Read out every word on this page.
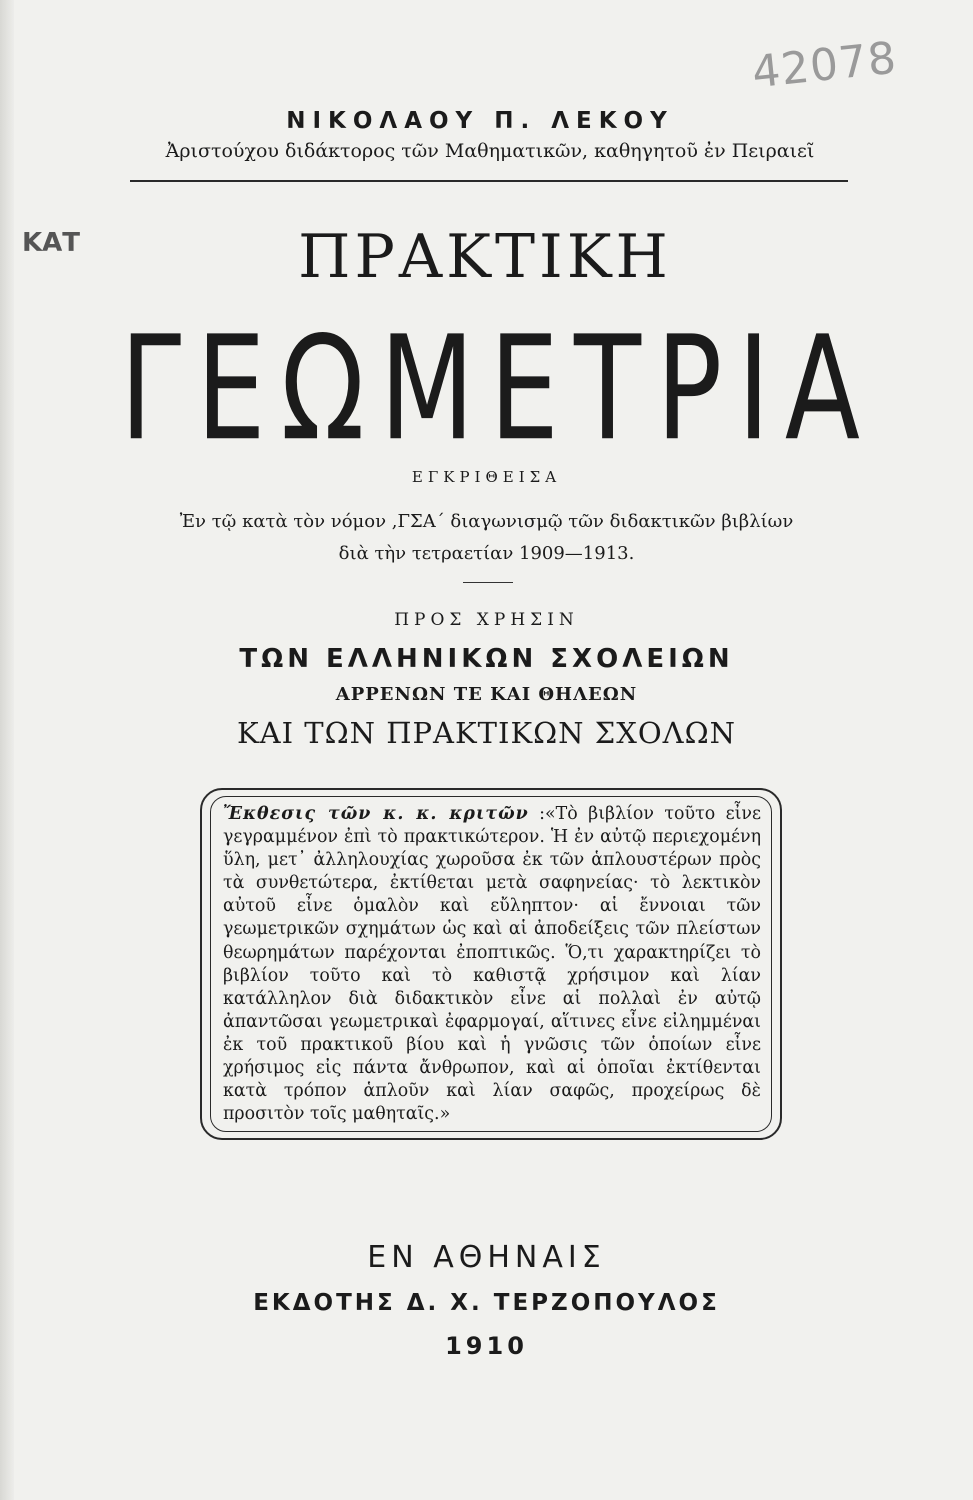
ΚΑΤ
42078
ΝΙΚΟΛΑΟΥ Π. ΛΕΚΟΥ
Ἀριστούχου διδάκτορος τῶν Μαθηματικῶν, καθηγητοῦ ἐν Πειραιεῖ
ΠΡΑΚΤΙΚΗ
Γ Ε Ω Μ Ε Τ Ρ Ι Α
ΕΓΚΡΙΘΕΙΣΑ
Ἐν τῷ κατὰ τὸν νόμον ,ΓΣΑ΄ διαγωνισμῷ τῶν διδακτικῶν βιβλίων
διὰ τὴν τετραετίαν 1909—1913.
ΠΡΟΣ ΧΡΗΣΙΝ
ΤΩΝ ΕΛΛΗΝΙΚΩΝ ΣΧΟΛΕΙΩΝ
ΑΡΡΕΝΩΝ ΤΕ ΚΑΙ ΘΗΛΕΩΝ
ΚΑΙ ΤΩΝ ΠΡΑΚΤΙΚΩΝ ΣΧΟΛΩΝ
Ἔκθεσις τῶν κ. κ. κριτῶν :«Τὸ βιβλίον τοῦτο εἶνε γεγραμμένον ἐπὶ τὸ πρακτικώτερον. Ἡ ἐν αὐτῷ περιεχομένη ὕλη, μετ᾽ ἀλληλουχίας χωροῦσα ἐκ τῶν ἁπλουστέρων πρὸς τὰ συνθετώτερα, ἐκτίθεται μετὰ σαφηνείας· τὸ λεκτικὸν αὐτοῦ εἶνε ὁμαλὸν καὶ εὔληπτον· αἱ ἔννοιαι τῶν γεωμετρικῶν σχημάτων ὡς καὶ αἱ ἀποδείξεις τῶν πλείστων θεωρημάτων παρέχονται ἐποπτικῶς. Ὅ,τι χαρακτηρίζει τὸ βιβλίον τοῦτο καὶ τὸ καθιστᾷ χρήσιμον καὶ λίαν κατάλληλον διὰ διδακτικὸν εἶνε αἱ πολλαὶ ἐν αὐτῷ ἀπαντῶσαι γεωμετρικαὶ ἐφαρμογαί, αἵτινες εἶνε εἰλημμέναι ἐκ τοῦ πρακτικοῦ βίου καὶ ἡ γνῶσις τῶν ὁποίων εἶνε χρήσιμος εἰς πάντα ἄνθρωπον, καὶ αἱ ὁποῖαι ἐκτίθενται κατὰ τρόπον ἁπλοῦν καὶ λίαν σαφῶς, προχείρως δὲ προσιτὸν τοῖς μαθηταῖς.»
ΕΝ ΑΘΗΝΑΙΣ
ΕΚΔΟΤΗΣ Δ. Χ. ΤΕΡΖΟΠΟΥΛΟΣ
1910
